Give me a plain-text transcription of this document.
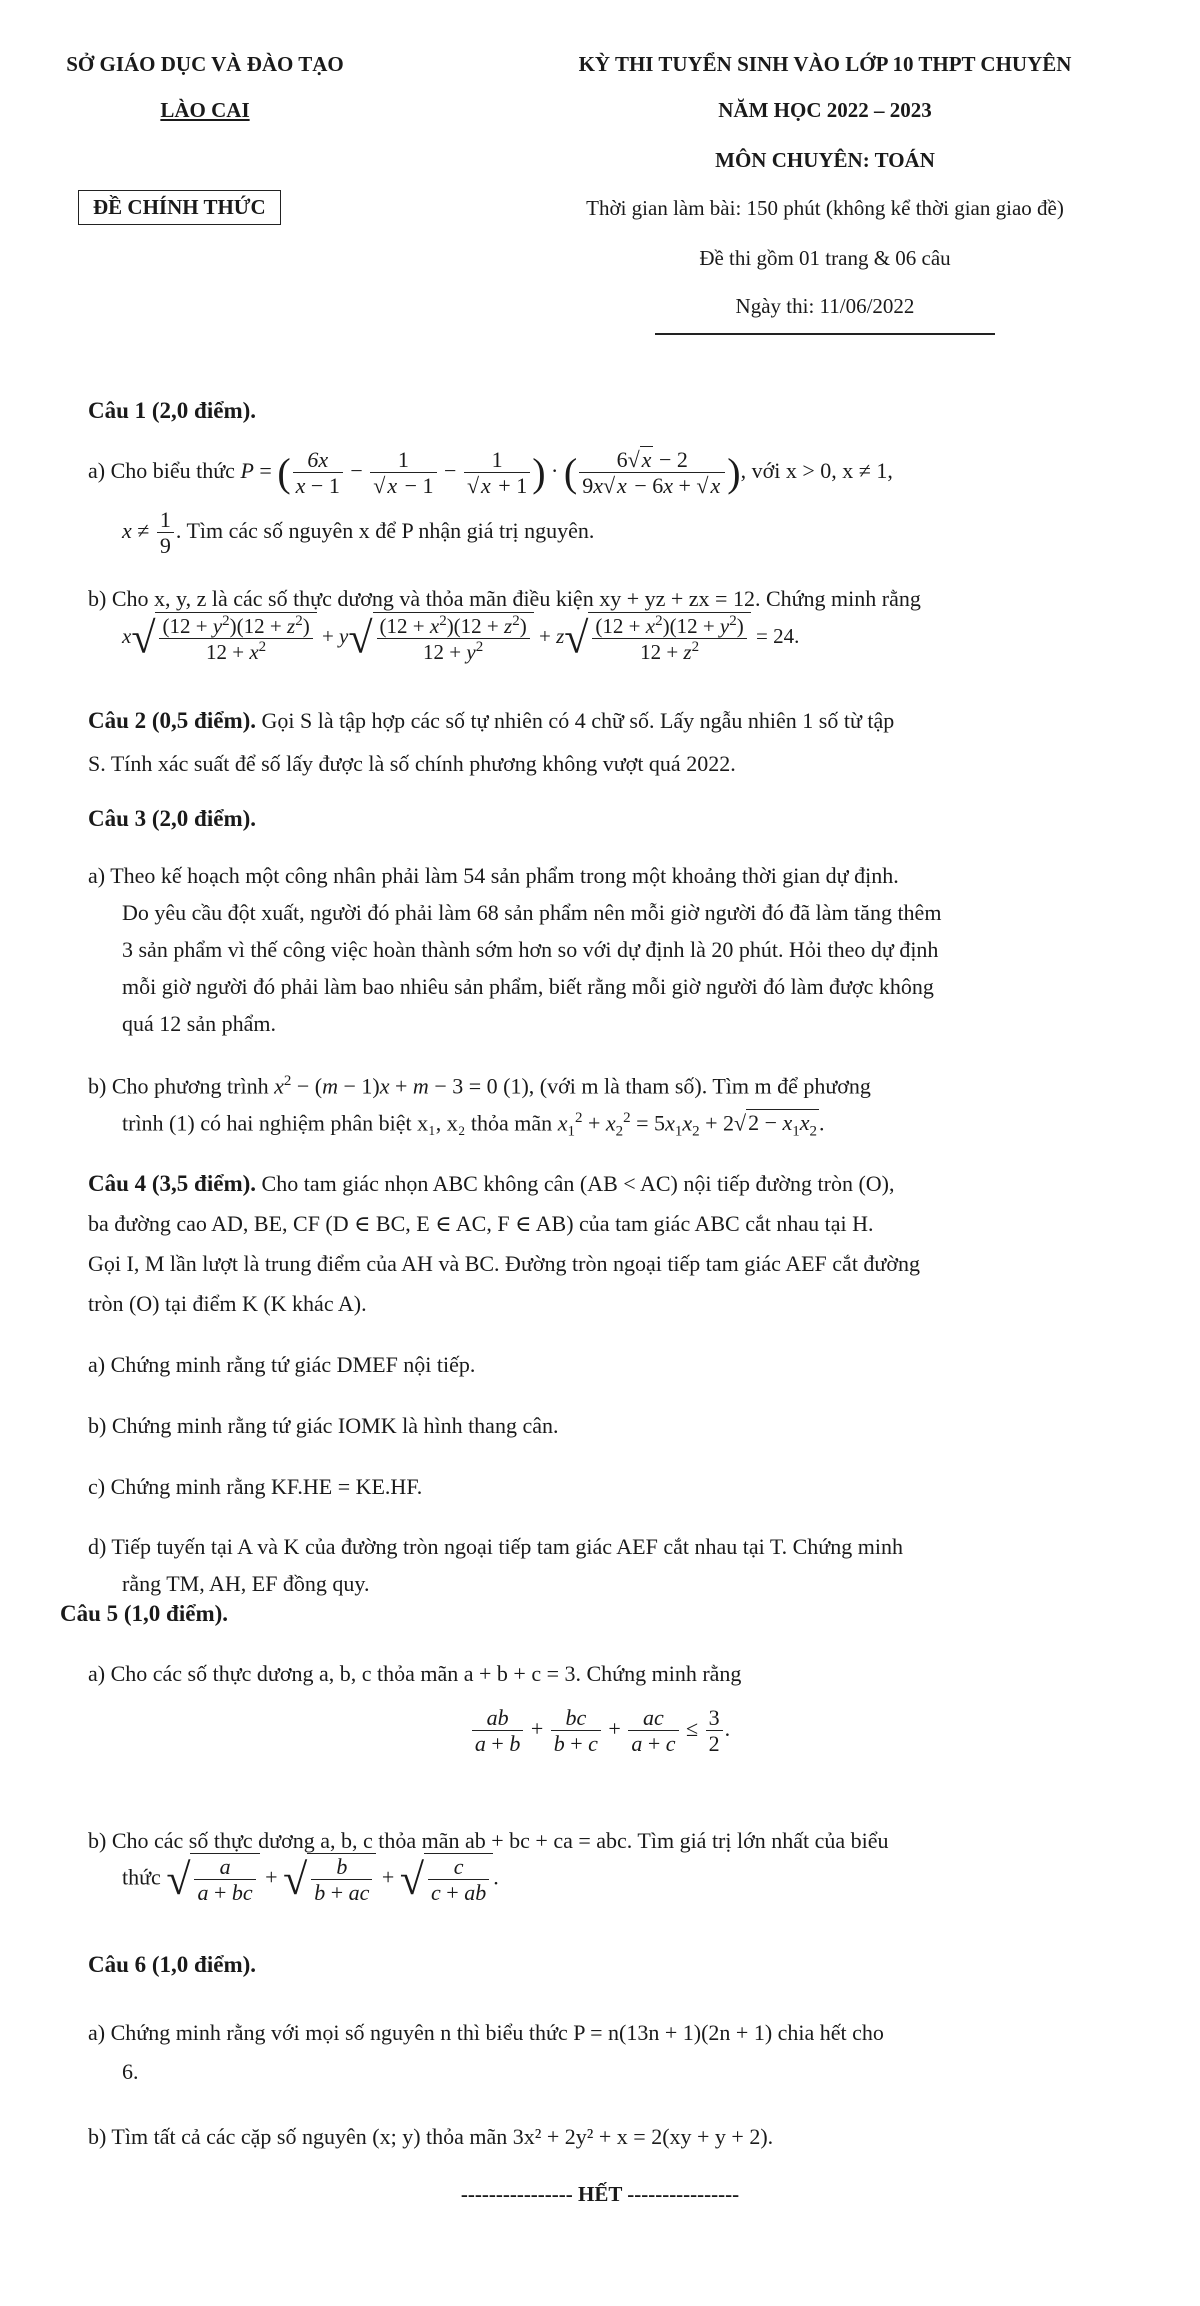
SỞ GIÁO DỤC VÀ ĐÀO TẠO
LÀO CAI
ĐỀ CHÍNH THỨC
KỲ THI TUYỂN SINH VÀO LỚP 10 THPT CHUYÊN
NĂM HỌC 2022 – 2023
MÔN CHUYÊN: TOÁN
Thời gian làm bài: 150 phút (không kể thời gian giao đề)
Đề thi gồm 01 trang & 06 câu
Ngày thi: 11/06/2022
Câu 1 (2,0 điểm).
a) Cho biểu thức P = ( $\frac{6x}{x - 1} - \frac{1}{√x - 1} - \frac{1}{√x + 1}$ ) · ( $\frac{6√x - 2}{9x√x - 6x + √x}$ ), với x > 0, x ≠ 1,
$x \ne \frac{1}{9}$ . Tìm các số nguyên x để P nhận giá trị nguyên.
b) Cho x, y, z là các số thực dương và thỏa mãn điều kiện xy + yz + zx = 12. Chứng minh rằng
$x√ \frac{(12 + y^2)(12 + z^2)}{12 + x^2} + y√ \frac{(12 + x^2)(12 + z^2)}{12 + y^2} + z√ \frac{(12 + x^2)(12 + y^2)}{12 + z^2} = 24$.
Câu 2 (0,5 điểm). Gọi S là tập hợp các số tự nhiên có 4 chữ số. Lấy ngẫu nhiên 1 số từ tập
S. Tính xác suất để số lấy được là số chính phương không vượt quá 2022.
Câu 3 (2,0 điểm).
a) Theo kế hoạch một công nhân phải làm 54 sản phẩm trong một khoảng thời gian dự định.
Do yêu cầu đột xuất, người đó phải làm 68 sản phẩm nên mỗi giờ người đó đã làm tăng thêm
3 sản phẩm vì thế công việc hoàn thành sớm hơn so với dự định là 20 phút. Hỏi theo dự định
mỗi giờ người đó phải làm bao nhiêu sản phẩm, biết rằng mỗi giờ người đó làm được không
quá 12 sản phẩm.
b) Cho phương trình $x^2 - (m - 1)x + m - 3 = 0$ (1), (với m là tham số). Tìm m để phương
trình (1) có hai nghiệm phân biệt x₁, x₂ thỏa mãn $x_1^2 + x_2^2 = 5x_1x_2 + 2√2 - x_1x_2$.
Câu 4 (3,5 điểm). Cho tam giác nhọn ABC không cân (AB < AC) nội tiếp đường tròn (O),
ba đường cao AD, BE, CF (D ∈ BC, E ∈ AC, F ∈ AB) của tam giác ABC cắt nhau tại H.
Gọi I, M lần lượt là trung điểm của AH và BC. Đường tròn ngoại tiếp tam giác AEF cắt đường
tròn (O) tại điểm K (K khác A).
a) Chứng minh rằng tứ giác DMEF nội tiếp.
b) Chứng minh rằng tứ giác IOMK là hình thang cân.
c) Chứng minh rằng KF.HE = KE.HF.
d) Tiếp tuyến tại A và K của đường tròn ngoại tiếp tam giác AEF cắt nhau tại T. Chứng minh
rằng TM, AH, EF đồng quy.
Câu 5 (1,0 điểm).
a) Cho các số thực dương a, b, c thỏa mãn a + b + c = 3. Chứng minh rằng
$\frac{ab}{a + b} + \frac{bc}{b + c} + \frac{ac}{a + c} \le \frac{3}{2}$ .
b) Cho các số thực dương a, b, c thỏa mãn ab + bc + ca = abc. Tìm giá trị lớn nhất của biểu
thức √ $\frac{a}{a + bc}$ + √ $\frac{b}{b + ac}$ + √ $\frac{c}{c + ab}$ .
Câu 6 (1,0 điểm).
a) Chứng minh rằng với mọi số nguyên n thì biểu thức P = n(13n + 1)(2n + 1) chia hết cho
6.
b) Tìm tất cả các cặp số nguyên (x; y) thỏa mãn 3x² + 2y² + x = 2(xy + y + 2).
---------------- HẾT ----------------
